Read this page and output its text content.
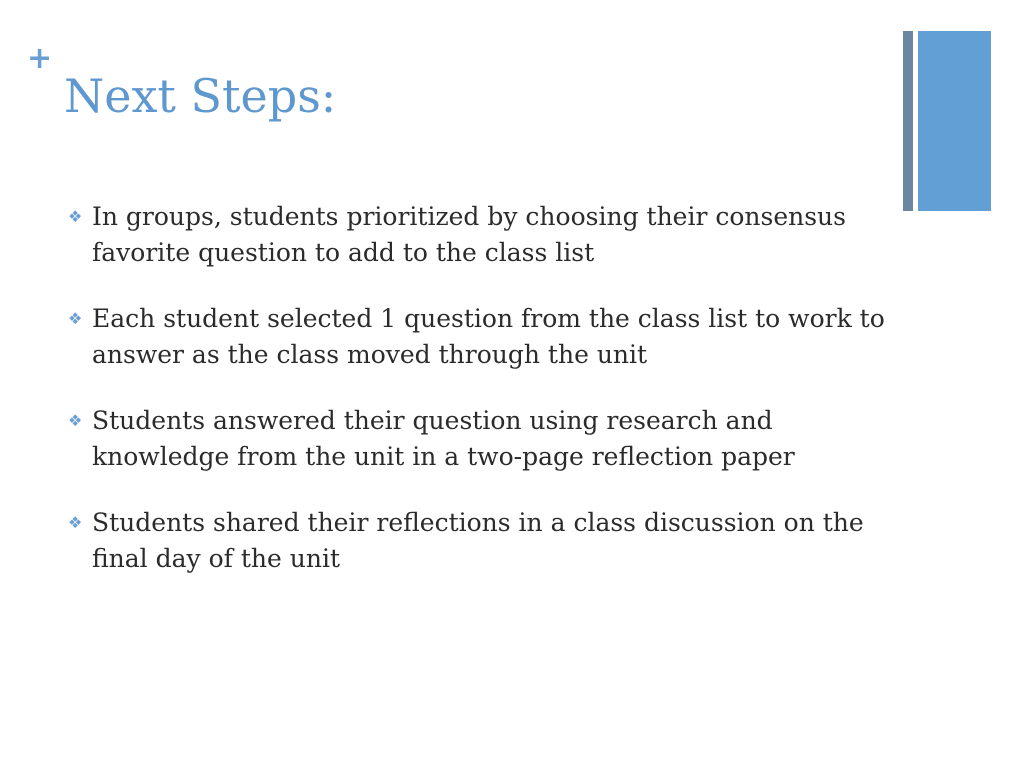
+
Next Steps:
❖ In groups, students prioritized by choosing their consensus favorite question to add to the class list
❖ Each student selected 1 question from the class list to work to answer as the class moved through the unit
❖ Students answered their question using research and knowledge from the unit in a two-page reflection paper
❖ Students shared their reflections in a class discussion on the final day of the unit
